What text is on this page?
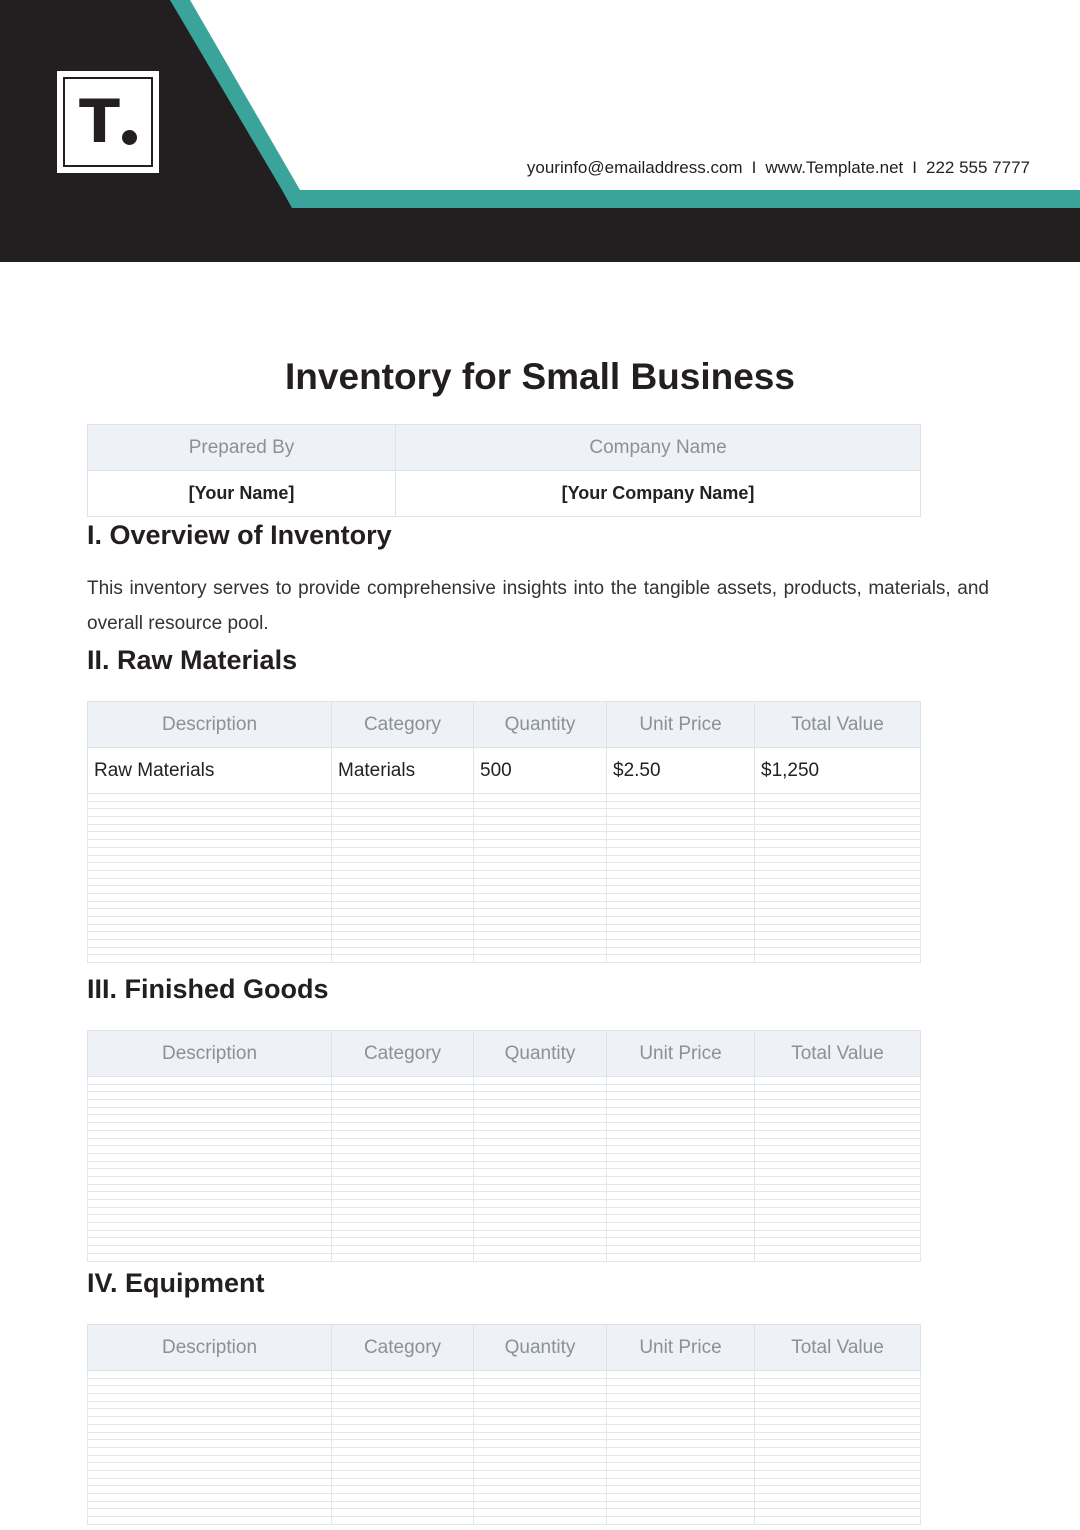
T
yourinfo@emailaddress.com I www.Template.net I 222 555 7777
Inventory for Small Business
Prepared By	Company Name
[Your Name]	[Your Company Name]
I. Overview of Inventory
This inventory serves to provide comprehensive insights into the tangible assets, products, materials, and overall resource pool.
II. Raw Materials
Description	Category	Quantity	Unit Price	Total Value
Raw Materials	Materials	500	$2.50	$1,250

III. Finished Goods
Description	Category	Quantity	Unit Price	Total Value

IV. Equipment
Description	Category	Quantity	Unit Price	Total Value
